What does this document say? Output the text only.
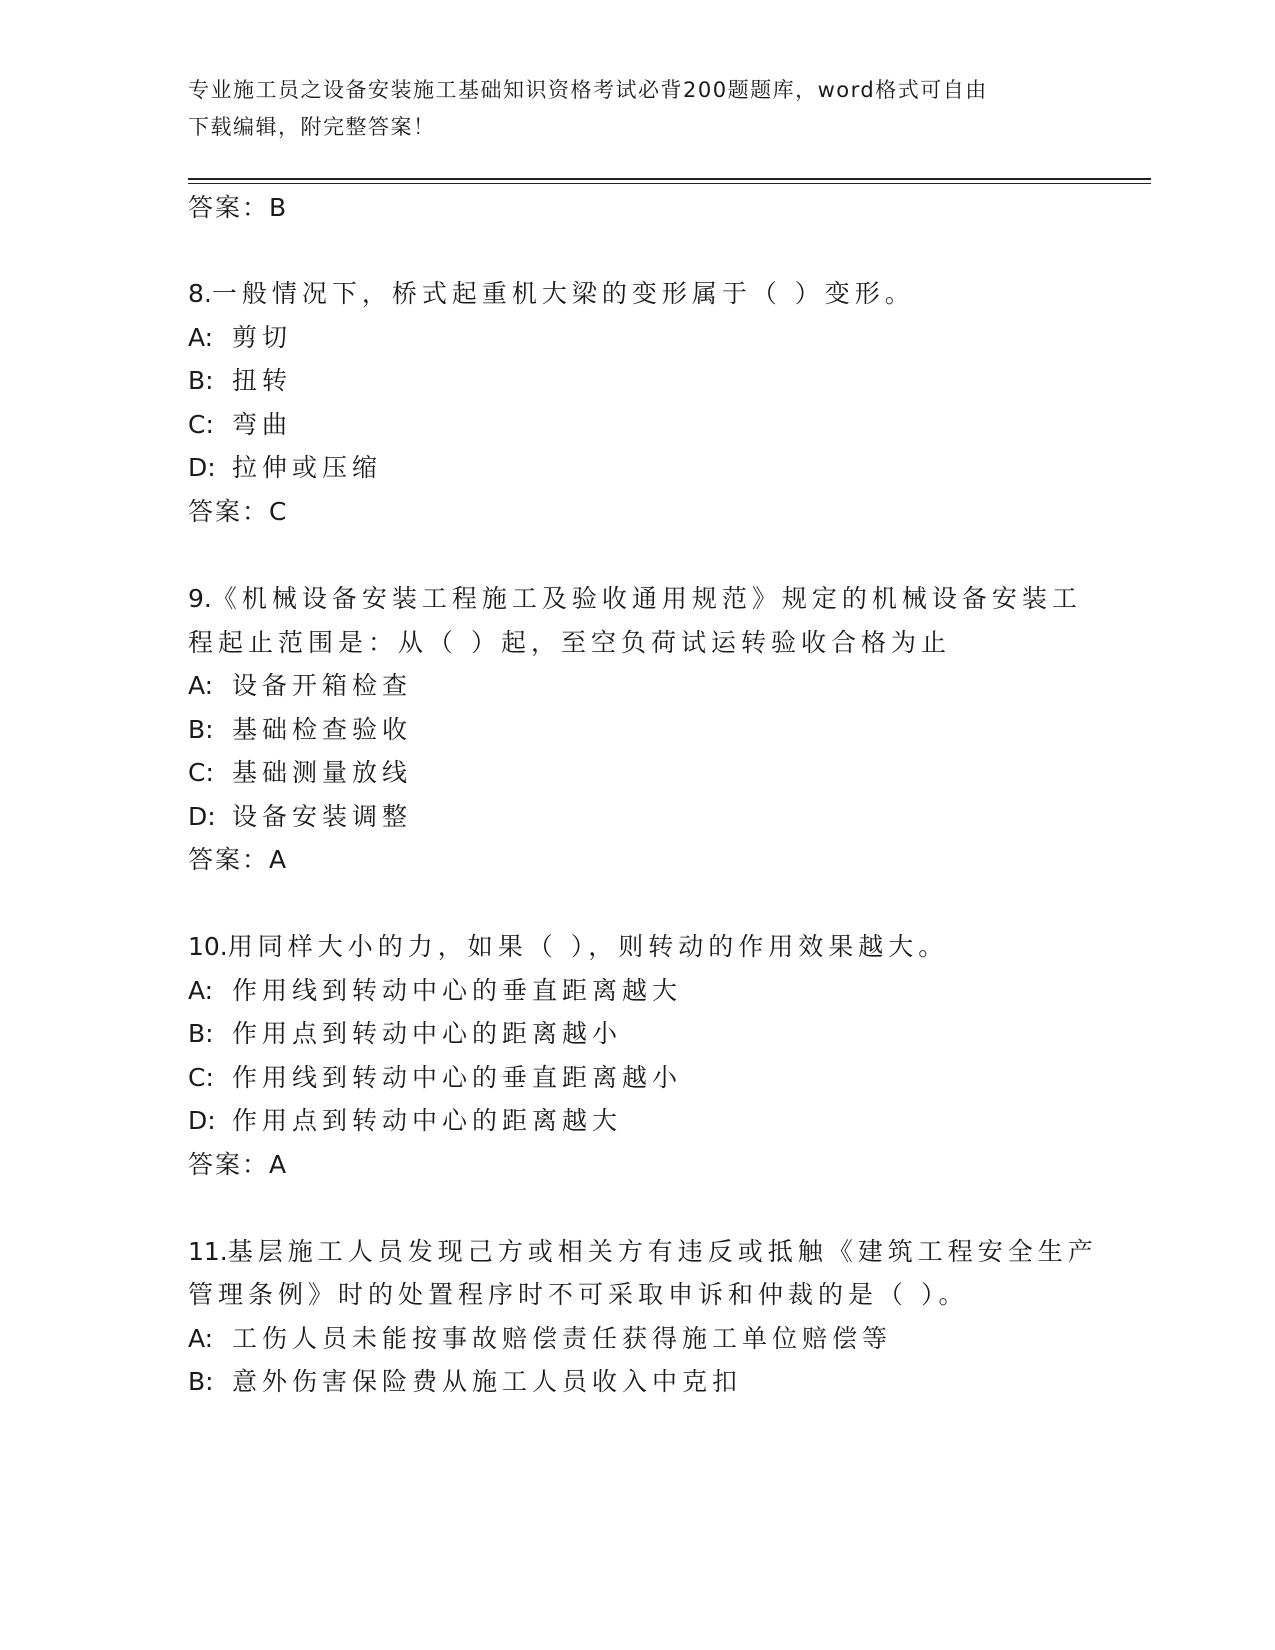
专业施工员之设备安装施工基础知识资格考试必背200题题库，word格式可自由
下载编辑，附完整答案！
答案：B
8.一般情况下，桥式起重机大梁的变形属于（ ）变形。
A: 剪切
B: 扭转
C: 弯曲
D: 拉伸或压缩
答案：C
9.《机械设备安装工程施工及验收通用规范》规定的机械设备安装工
程起止范围是：从（ ）起，至空负荷试运转验收合格为止
A: 设备开箱检查
B: 基础检查验收
C: 基础测量放线
D: 设备安装调整
答案：A
10.用同样大小的力，如果（ ），则转动的作用效果越大。
A: 作用线到转动中心的垂直距离越大
B: 作用点到转动中心的距离越小
C: 作用线到转动中心的垂直距离越小
D: 作用点到转动中心的距离越大
答案：A
11.基层施工人员发现己方或相关方有违反或抵触《建筑工程安全生产
管理条例》时的处置程序时不可采取申诉和仲裁的是（ ）。
A: 工伤人员未能按事故赔偿责任获得施工单位赔偿等
B: 意外伤害保险费从施工人员收入中克扣
